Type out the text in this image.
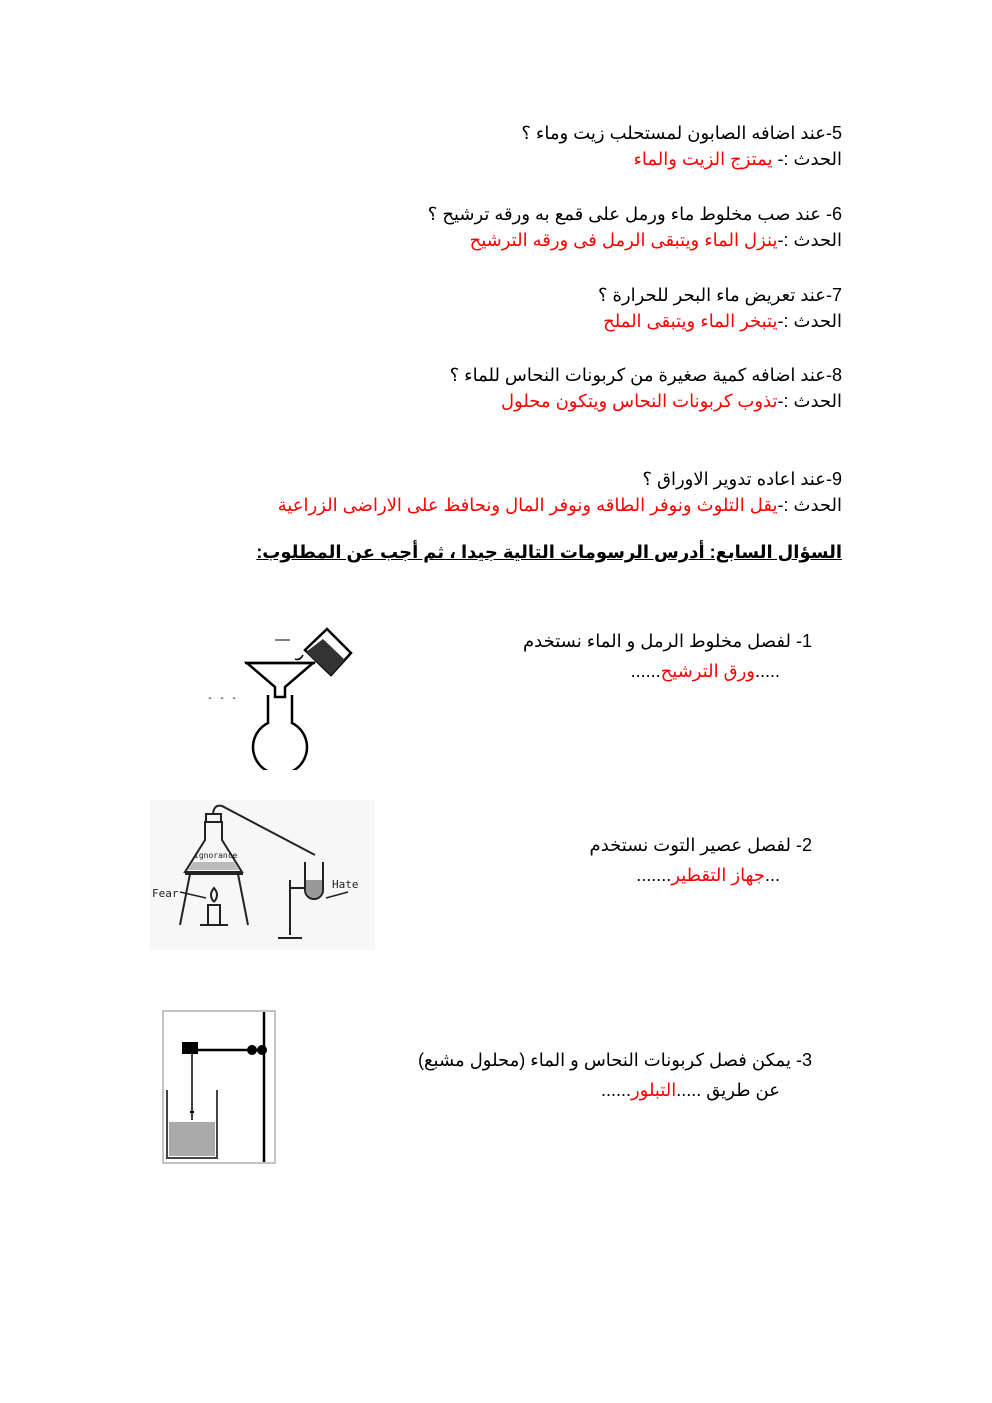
5-عند اضافه الصابون لمستحلب زيت وماء ؟
الحدث :- يمتزج الزيت والماء
6- عند صب مخلوط ماء ورمل على قمع به ورقه ترشيح ؟
الحدث :-ينزل الماء ويتبقى الرمل فى ورقه الترشيح
7-عند تعريض ماء البحر للحرارة ؟
الحدث :-يتبخر الماء ويتبقى الملح
8-عند اضافه كمية صغيرة من كربونات النحاس للماء ؟
الحدث :-تذوب كربونات النحاس ويتكون محلول
9-عند اعاده تدوير الاوراق ؟
الحدث :-يقل التلوث ونوفر الطاقه ونوفر المال ونحافظ على الاراضى الزراعية
السؤال السابع: أدرس الرسومات التالية جيدا ، ثم أجب عن المطلوب:
1- لفصل مخلوط الرمل و الماء نستخدم
.....ورق الترشيح......
2- لفصل عصير التوت نستخدم
...جهاز التقطير.......
3- يمكن فصل كربونات النحاس و الماء (محلول مشبع)
عن طريق .....التبلور......
- - -
ignorance
Fear
Hate
